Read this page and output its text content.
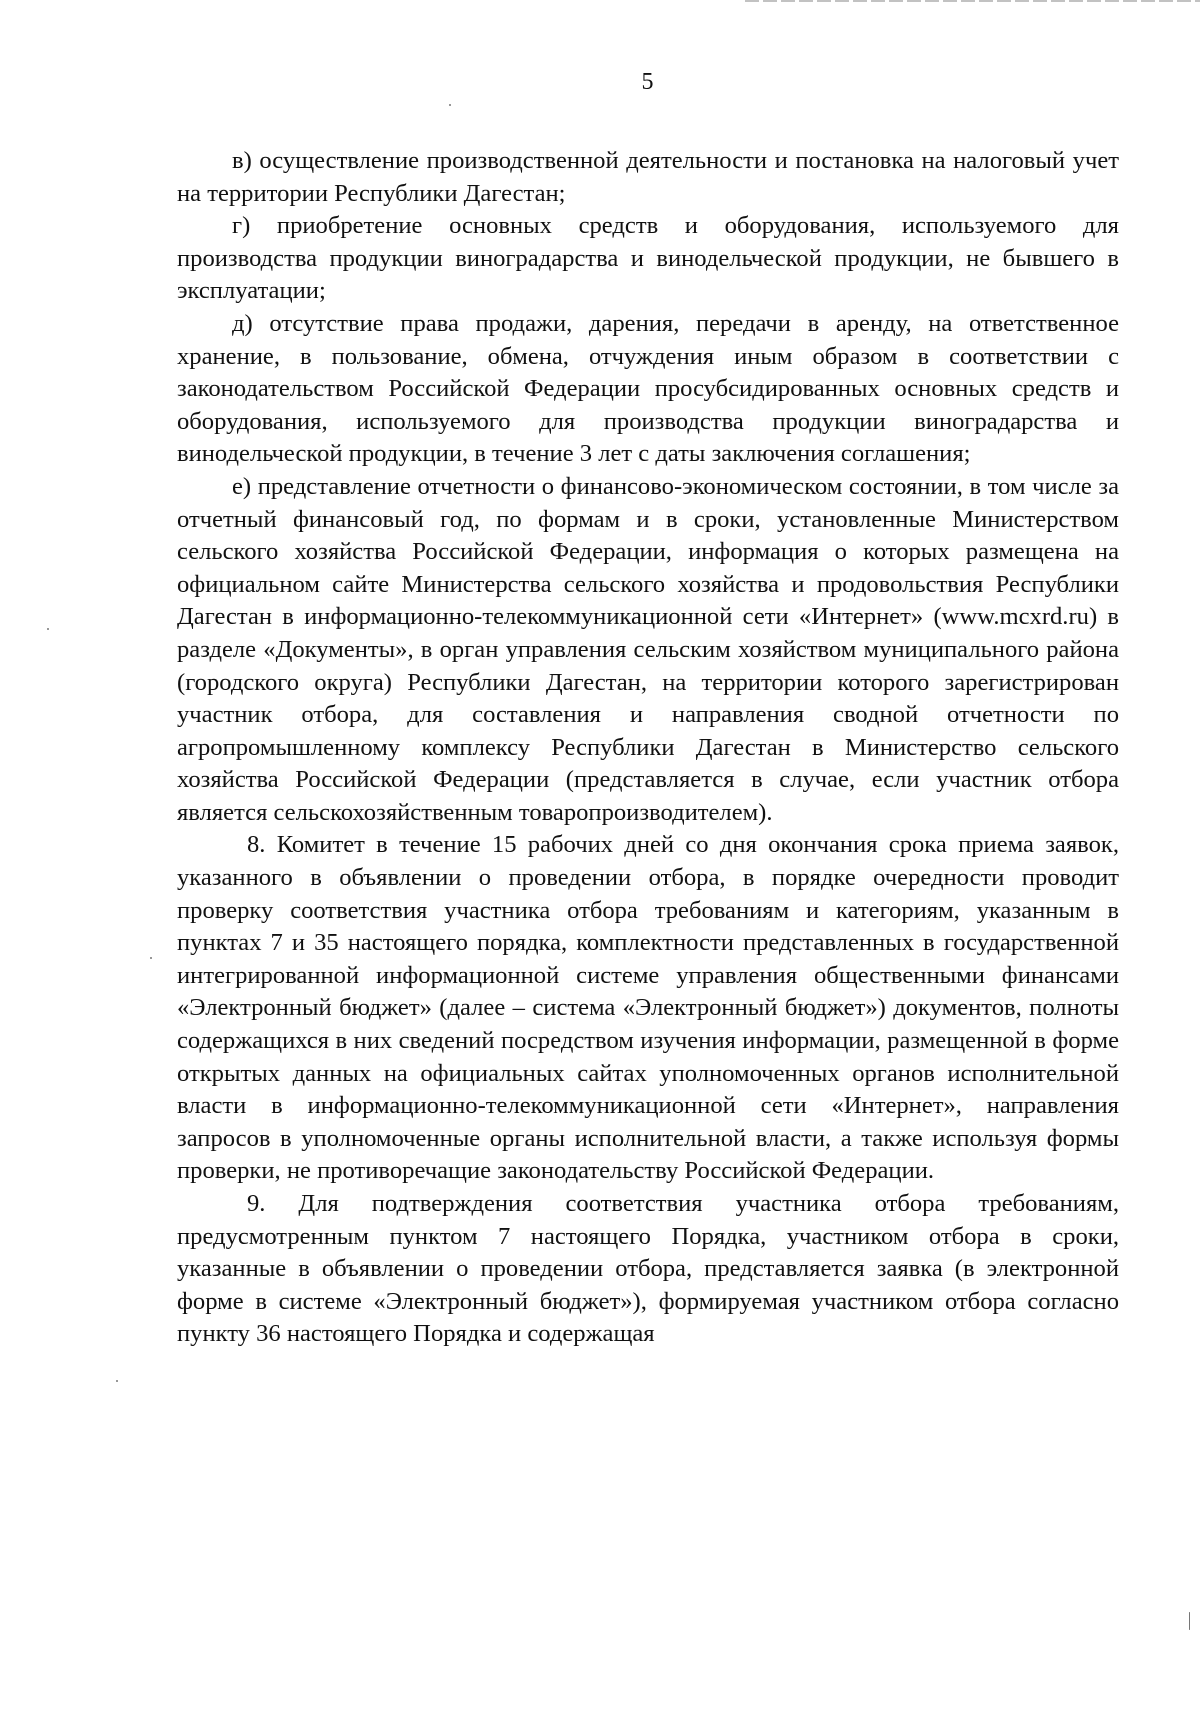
5

в) осуществление производственной деятельности и постановка на налоговый учет на территории Республики Дагестан;

г) приобретение основных средств и оборудования, используемого для производства продукции виноградарства и винодельческой продукции, не бывшего в эксплуатации;

д) отсутствие права продажи, дарения, передачи в аренду, на ответственное хранение, в пользование, обмена, отчуждения иным образом в соответствии с законодательством Российской Федерации просубсидированных основных средств и оборудования, используемого для производства продукции виноградарства и винодельческой продукции, в течение 3 лет с даты заключения соглашения;

е) представление отчетности о финансово-экономическом состоянии, в том числе за отчетный финансовый год, по формам и в сроки, установленные Министерством сельского хозяйства Российской Федерации, информация о которых размещена на официальном сайте Министерства сельского хозяйства и продовольствия Республики Дагестан в информационно-телекоммуникационной сети «Интернет» (www.mcxrd.ru) в разделе «Документы», в орган управления сельским хозяйством муниципального района (городского округа) Республики Дагестан, на территории которого зарегистрирован участник отбора, для составления и направления сводной отчетности по агропромышленному комплексу Республики Дагестан в Министерство сельского хозяйства Российской Федерации (представляется в случае, если участник отбора является сельскохозяйственным товаропроизводителем).

8. Комитет в течение 15 рабочих дней со дня окончания срока приема заявок, указанного в объявлении о проведении отбора, в порядке очередности проводит проверку соответствия участника отбора требованиям и категориям, указанным в пунктах 7 и 35 настоящего порядка, комплектности представленных в государственной интегрированной информационной системе управления общественными финансами «Электронный бюджет» (далее – система «Электронный бюджет») документов, полноты содержащихся в них сведений посредством изучения информации, размещенной в форме открытых данных на официальных сайтах уполномоченных органов исполнительной власти в информационно-телекоммуникационной сети «Интернет», направления запросов в уполномоченные органы исполнительной власти, а также используя формы проверки, не противоречащие законодательству Российской Федерации.

9. Для подтверждения соответствия участника отбора требованиям, предусмотренным пунктом 7 настоящего Порядка, участником отбора в сроки, указанные в объявлении о проведении отбора, представляется заявка (в электронной форме в системе «Электронный бюджет»), формируемая участником отбора согласно пункту 36 настоящего Порядка и содержащая
